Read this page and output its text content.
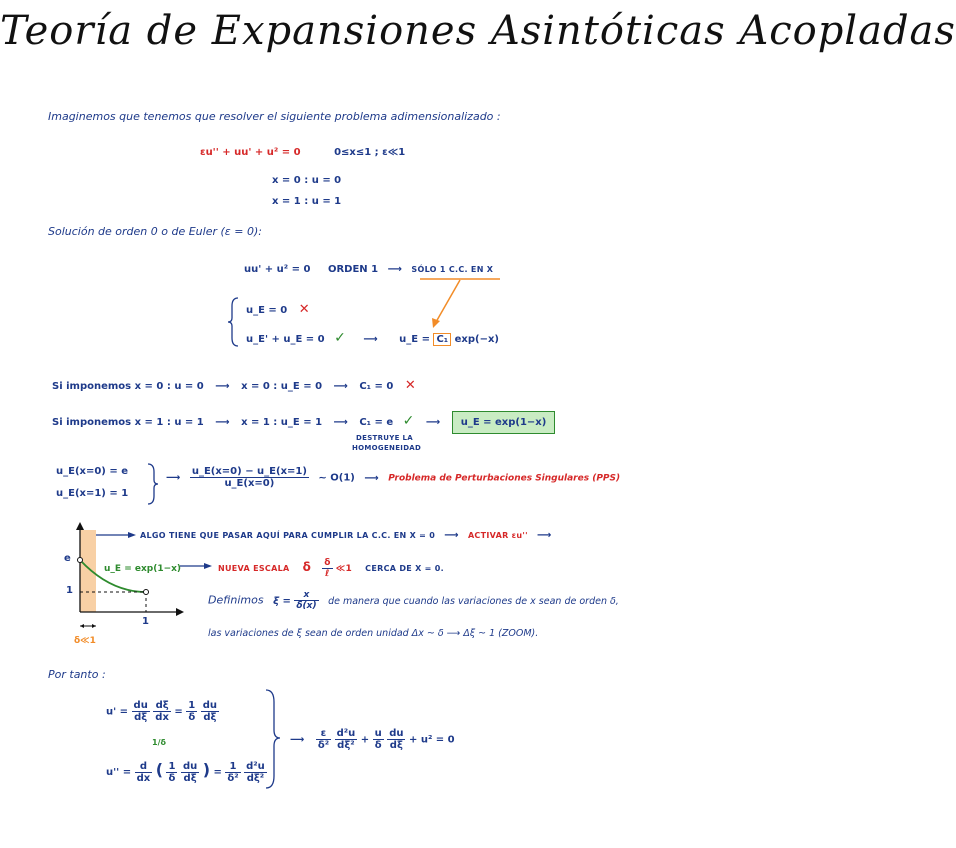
Teoría de Expansiones Asintóticas Acopladas
Imaginemos que tenemos que resolver el siguiente problema adimensionalizado :
εu'' + uu' + u² = 0	0≤x≤1 ; ε≪1
x = 0 : u = 0
x = 1 : u = 1
Solución de orden 0 o de Euler (ε = 0):
uu' + u² = 0 ORDEN 1 ⟶ SÓLO 1 C.C. EN X
u_E = 0 ✕
u_E' + u_E = 0 ✓ ⟶ u_E = C₁ exp(−x)
Si imponemos x = 0 : u = 0 ⟶ x = 0 : u_E = 0 ⟶ C₁ = 0 ✕
Si imponemos x = 1 : u = 1 ⟶ x = 1 : u_E = 1 ⟶ C₁ = e ✓ ⟶ u_E = exp(1−x)
DESTRUYE LA
HOMOGENEIDAD
u_E(x=0) = e
u_E(x=1) = 1
⟶ $\frac{u\_E(x=0) - u\_E(x=1)}{u\_E(x=0)}$ ~ O(1) ⟶ Problema de Perturbaciones Singulares (PPS)
e
1
1
u_E = exp(1−x)
δ≪1
ALGO TIENE QUE PASAR AQUÍ PARA CUMPLIR LA C.C. EN X = 0 ⟶ ACTIVAR εu'' ⟶
NUEVA ESCALA δ $\frac{\delta}{\text{ℓ}}$ ≪1 CERCA DE X = 0.
Definimos $\xi = \frac{x}{\delta(x)}$ de manera que cuando las variaciones de x sean de orden δ,
las variaciones de ξ sean de orden unidad Δx ~ δ ⟶ Δξ ~ 1 (ZOOM).
Por tanto :
$u' = \frac{du}{d\xi}$
$\frac{d\xi}{dx} = \frac{1}{\delta}$
$\frac{du}{d\xi}$
1/δ
$u'' = \frac{d}{dx}$ ( $\frac{1}{\delta}$
$\frac{du}{d\xi}$ ) = $\frac{1}{\text{δ²}}$
$\frac{\text{d²u}}{\text{dξ²}}$
⟶ $\frac{\varepsilon}{\text{δ²}}$
$\frac{\text{d²u}}{\text{dξ²}} + \frac{u}{\delta}$
$\frac{du}{d\xi} + u^2 = 0$
